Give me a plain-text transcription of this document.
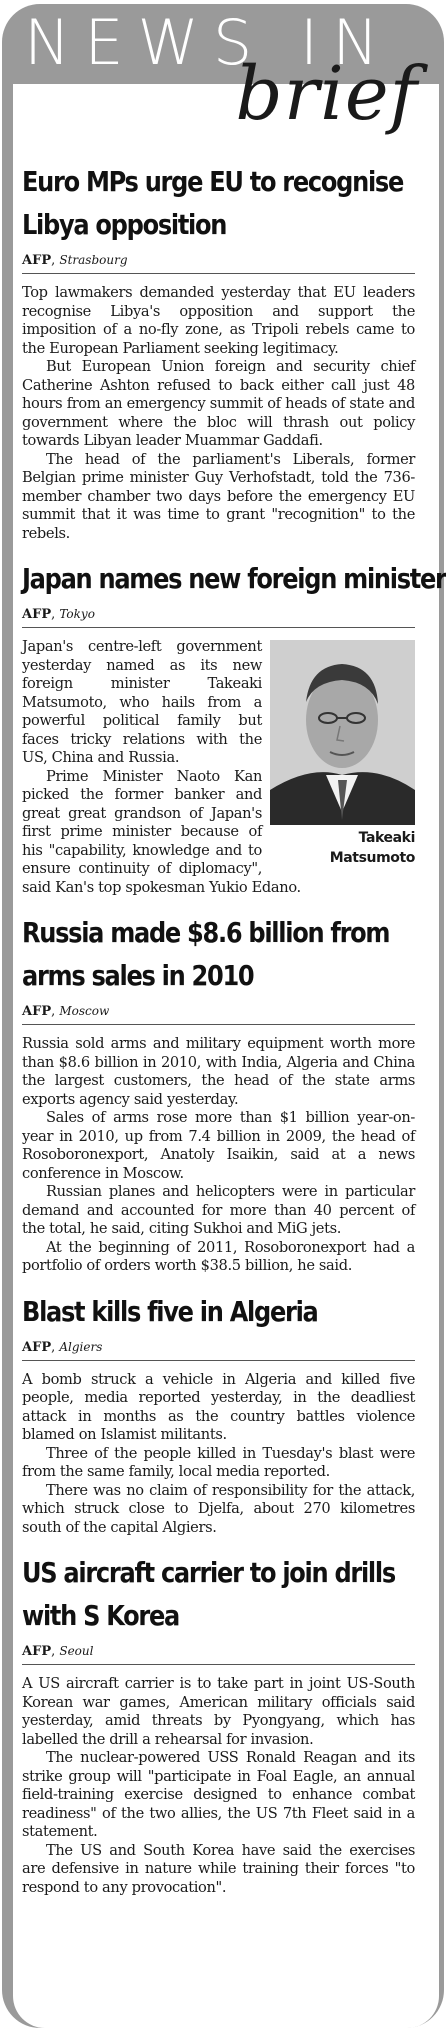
NEWS IN
brief
Euro MPs urge EU to recognise
Libya opposition
AFP, Strasbourg

Top lawmakers demanded yesterday that EU leaders recognise Libya's opposition and support the imposition of a no-fly zone, as Tripoli rebels came to the European Parliament seeking legitimacy.

But European Union foreign and security chief Catherine Ashton refused to back either call just 48 hours from an emergency summit of heads of state and government where the bloc will thrash out policy towards Libyan leader Muammar Gaddafi.

The head of the parliament's Liberals, former Belgian prime minister Guy Verhofstadt, told the 736-member chamber two days before the emergency EU summit that it was time to grant "recognition" to the rebels.

Japan names new foreign minister
AFP, Tokyo
Takeaki Matsumoto

Japan's centre-left government yesterday named as its new foreign minister Takeaki Matsumoto, who hails from a powerful political family but faces tricky relations with the US, China and Russia.

Prime Minister Naoto Kan picked the former banker and great great grandson of Japan's first prime minister because of his "capability, knowledge and to ensure continuity of diplomacy", said Kan's top spokesman Yukio Edano.

Russia made $8.6 billion from
arms sales in 2010
AFP, Moscow

Russia sold arms and military equipment worth more than $8.6 billion in 2010, with India, Algeria and China the largest customers, the head of the state arms exports agency said yesterday.

Sales of arms rose more than $1 billion year-on-year in 2010, up from 7.4 billion in 2009, the head of Rosoboronexport, Anatoly Isaikin, said at a news conference in Moscow.

Russian planes and helicopters were in particular demand and accounted for more than 40 percent of the total, he said, citing Sukhoi and MiG jets.

At the beginning of 2011, Rosoboronexport had a portfolio of orders worth $38.5 billion, he said.

Blast kills five in Algeria
AFP, Algiers

A bomb struck a vehicle in Algeria and killed five people, media reported yesterday, in the deadliest attack in months as the country battles violence blamed on Islamist militants.

Three of the people killed in Tuesday's blast were from the same family, local media reported.

There was no claim of responsibility for the attack, which struck close to Djelfa, about 270 kilometres south of the capital Algiers.

US aircraft carrier to join drills
with S Korea
AFP, Seoul

A US aircraft carrier is to take part in joint US-South Korean war games, American military officials said yesterday, amid threats by Pyongyang, which has labelled the drill a rehearsal for invasion.

The nuclear-powered USS Ronald Reagan and its strike group will "participate in Foal Eagle, an annual field-training exercise designed to enhance combat readiness" of the two allies, the US 7th Fleet said in a statement.

The US and South Korea have said the exercises are defensive in nature while training their forces "to respond to any provocation".
